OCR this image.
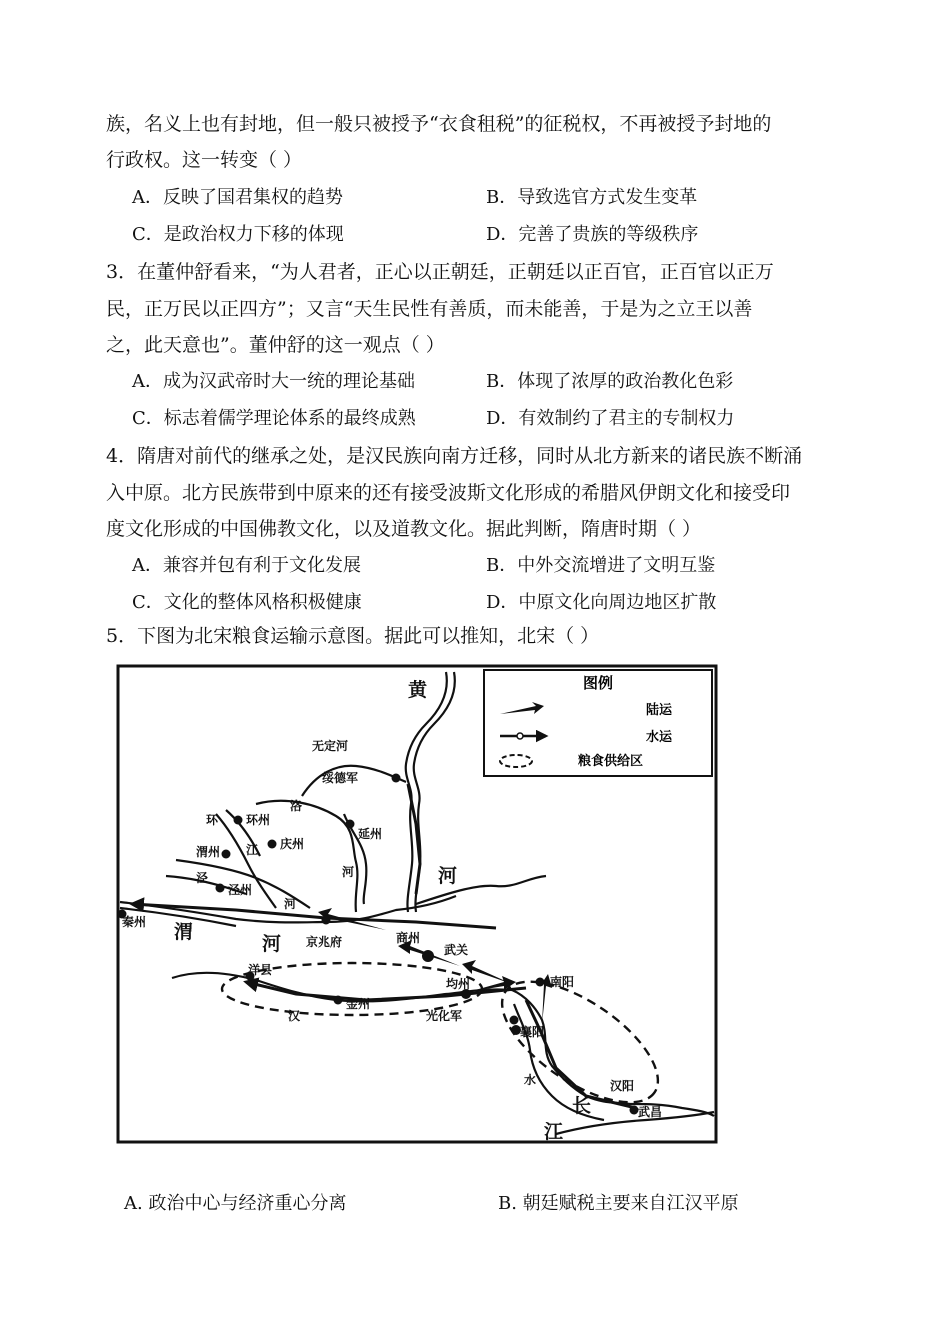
族，名义上也有封地，但一般只被授予“衣食租税”的征税权，不再被授予封地的
行政权。这一转变（ ）
A．反映了国君集权的趋势	B．导致选官方式发生变革
C．是政治权力下移的体现	D．完善了贵族的等级秩序
3．在董仲舒看来，“为人君者，正心以正朝廷，正朝廷以正百官，正百官以正万
民，正万民以正四方”；又言“天生民性有善质，而未能善，于是为之立王以善
之，此天意也”。董仲舒的这一观点（ ）
A．成为汉武帝时大一统的理论基础	B．体现了浓厚的政治教化色彩
C．标志着儒学理论体系的最终成熟	D．有效制约了君主的专制权力
4．隋唐对前代的继承之处，是汉民族向南方迁移，同时从北方新来的诸民族不断涌
入中原。北方民族带到中原来的还有接受波斯文化形成的希腊风伊朗文化和接受印
度文化形成的中国佛教文化，以及道教文化。据此判断，隋唐时期（ ）
A．兼容并包有利于文化发展	B．中外交流增进了文明互鉴
C．文化的整体风格积极健康	D．中原文化向周边地区扩散
5．下图为北宋粮食运输示意图。据此可以推知，北宋（ ）
图例
陆运
水运
粮食供给区
绥德军
环州
庆州
延州
渭州
泾州
秦州
京兆府	商州
武关
洋县
均州	南阳
金州
光化军
襄阳
汉阳
武昌
黄
河
渭
河
无定河
洛
河
环
江
泾
河
汉
水
长
江
A. 政治中心与经济重心分离	B. 朝廷赋税主要来自江汉平原
